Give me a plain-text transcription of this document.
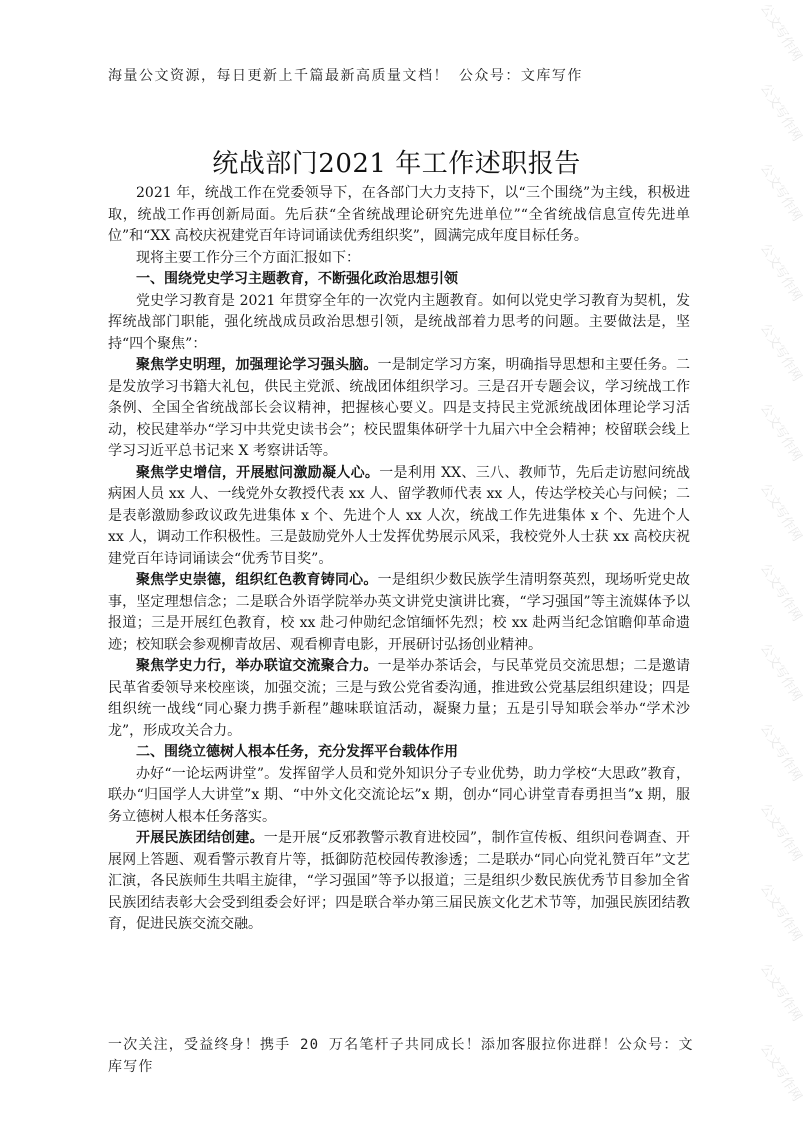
公文写作网
公文写作网
公文写作网
公文写作网
公文写作网
公文写作网
公文写作网
公文写作网
公文写作网
公文写作网
公文写作网
公文写作网
公文写作网
公文写作网
海量公文资源，每日更新上千篇最新高质量文档！ 公众号：文库写作
统战部门2021 年工作述职报告

2021 年，统战工作在党委领导下，在各部门大力支持下，以“三个围绕”为主线，积极进取，统战工作再创新局面。先后获“全省统战理论研究先进单位”“全省统战信息宣传先进单位”和“XX 高校庆祝建党百年诗词诵读优秀组织奖”，圆满完成年度目标任务。

现将主要工作分三个方面汇报如下：

一、围绕党史学习主题教育，不断强化政治思想引领

党史学习教育是 2021 年贯穿全年的一次党内主题教育。如何以党史学习教育为契机，发挥统战部门职能，强化统战成员政治思想引领，是统战部着力思考的问题。主要做法是，坚持“四个聚焦”：

聚焦学史明理，加强理论学习强头脑。一是制定学习方案，明确指导思想和主要任务。二是发放学习书籍大礼包，供民主党派、统战团体组织学习。三是召开专题会议，学习统战工作条例、全国全省统战部长会议精神，把握核心要义。四是支持民主党派统战团体理论学习活动，校民建举办“学习中共党史读书会”；校民盟集体研学十九届六中全会精神；校留联会线上学习习近平总书记来 X 考察讲话等。

聚焦学史增信，开展慰问激励凝人心。一是利用 XX、三八、教师节，先后走访慰问统战病困人员 xx 人、一线党外女教授代表 xx 人、留学教师代表 xx 人，传达学校关心与问候；二是表彰激励参政议政先进集体 x 个、先进个人 xx 人次，统战工作先进集体 x 个、先进个人 xx 人，调动工作积极性。三是鼓励党外人士发挥优势展示风采，我校党外人士获 xx 高校庆祝建党百年诗词诵读会“优秀节目奖”。

聚焦学史崇德，组织红色教育铸同心。一是组织少数民族学生清明祭英烈，现场听党史故事，坚定理想信念；二是联合外语学院举办英文讲党史演讲比赛，“学习强国”等主流媒体予以报道；三是开展红色教育，校 xx 赴刁仲勋纪念馆缅怀先烈；校 xx 赴两当纪念馆瞻仰革命遗迹；校知联会参观柳青故居、观看柳青电影，开展研讨弘扬创业精神。

聚焦学史力行，举办联谊交流聚合力。一是举办茶话会，与民革党员交流思想；二是邀请民革省委领导来校座谈，加强交流；三是与致公党省委沟通，推进致公党基层组织建设；四是组织统一战线“同心聚力携手新程”趣味联谊活动，凝聚力量；五是引导知联会举办“学术沙龙”，形成攻关合力。

二、围绕立德树人根本任务，充分发挥平台载体作用

办好“一论坛两讲堂”。发挥留学人员和党外知识分子专业优势，助力学校“大思政”教育，联办“归国学人大讲堂”x 期、“中外文化交流论坛”x 期，创办“同心讲堂青春勇担当”x 期，服务立德树人根本任务落实。

开展民族团结创建。一是开展“反邪教警示教育进校园”，制作宣传板、组织问卷调查、开展网上答题、观看警示教育片等，抵御防范校园传教渗透；二是联办“同心向党礼赞百年”文艺汇演，各民族师生共唱主旋律，“学习强国”等予以报道；三是组织少数民族优秀节目参加全省民族团结表彰大会受到组委会好评；四是联合举办第三届民族文化艺术节等，加强民族团结教育，促进民族交流交融。

一次关注，受益终身！携手 20 万名笔杆子共同成长！添加客服拉你进群！公众号：文库写作
